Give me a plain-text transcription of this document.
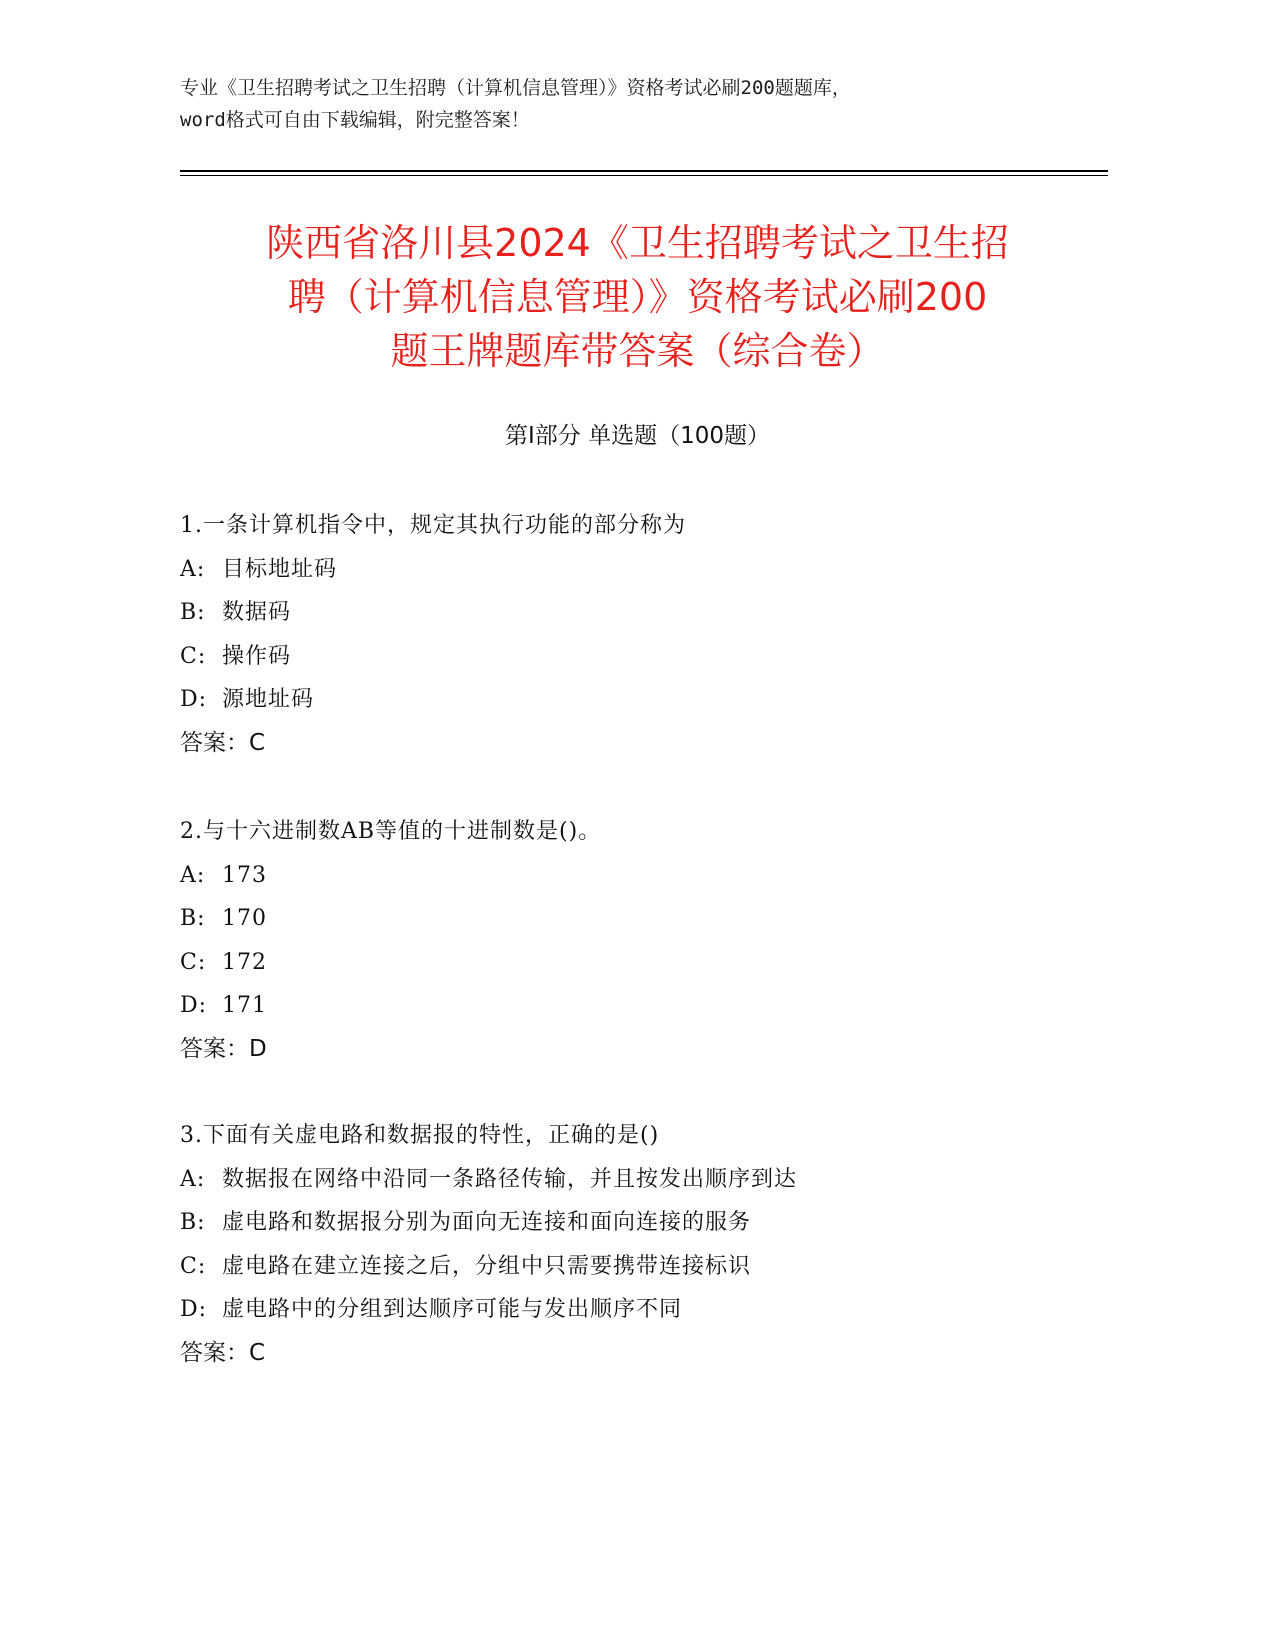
专业《卫生招聘考试之卫生招聘（计算机信息管理）》资格考试必刷200题题库，
word格式可自由下载编辑，附完整答案！
陕西省洛川县2024《卫生招聘考试之卫生招
聘（计算机信息管理）》资格考试必刷200
题王牌题库带答案（综合卷）
第Ⅰ部分 单选题（100题）
1.一条计算机指令中，规定其执行功能的部分称为
A: 目标地址码
B: 数据码
C: 操作码
D: 源地址码
答案：C
2.与十六进制数AB等值的十进制数是()。
A: 173
B: 170
C: 172
D: 171
答案：D
3.下面有关虚电路和数据报的特性，正确的是()
A: 数据报在网络中沿同一条路径传输，并且按发出顺序到达
B: 虚电路和数据报分别为面向无连接和面向连接的服务
C: 虚电路在建立连接之后，分组中只需要携带连接标识
D: 虚电路中的分组到达顺序可能与发出顺序不同
答案：C
